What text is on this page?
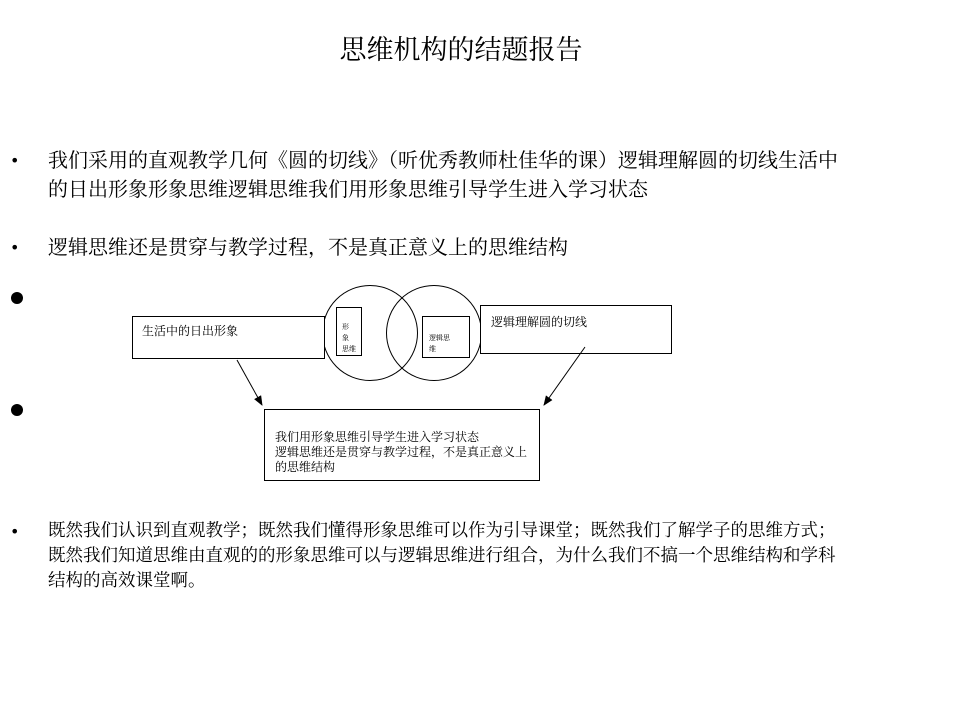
思维机构的结题报告
•	我们采用的直观教学几何《圆的切线》（听优秀教师杜佳华的课）逻辑理解圆的切线生活中的日出形象形象思维逻辑思维我们用形象思维引导学生进入学习状态
•	逻辑思维还是贯穿与教学过程，不是真正意义上的思维结构
生活中的日出形象	形　象
思维

逻辑思
维

逻辑理解圆的切线

我们用形象思维引导学生进入学习状态
逻辑思维还是贯穿与教学过程，不是真正意义上的思维结构

•	既然我们认识到直观教学；既然我们懂得形象思维可以作为引导课堂；既然我们了解学子的思维方式；既然我们知道思维由直观的的形象思维可以与逻辑思维进行组合，为什么我们不搞一个思维结构和学科结构的高效课堂啊。
